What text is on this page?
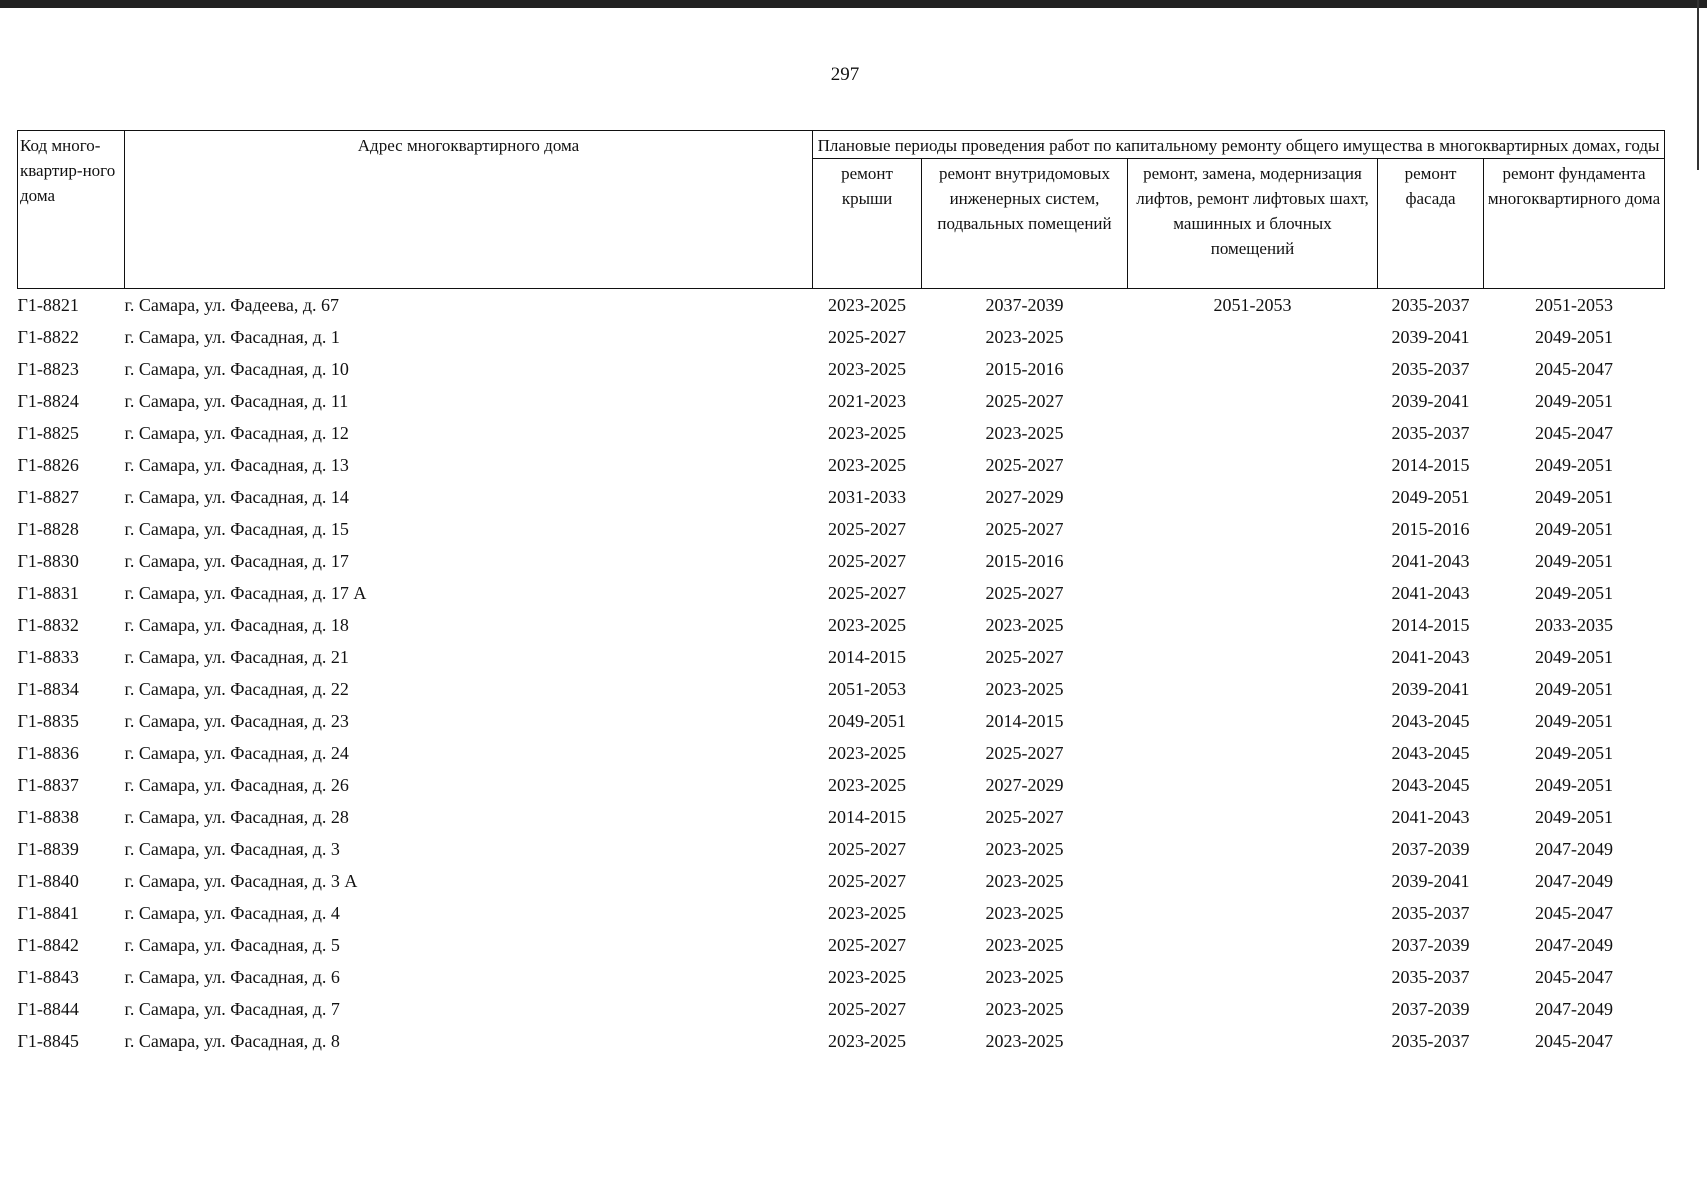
297
Код много-квартир-ного дома	Адрес многоквартирного дома	Плановые периоды проведения работ по капитальному ремонту общего имущества в многоквартирных домах, годы				
		ремонт крыши	ремонт внутридомовых инженерных систем, подвальных помещений	ремонт, замена, модернизация лифтов, ремонт лифтовых шахт, машинных и блочных помещений	ремонт фасада	ремонт фундамента многоквартирного дома
Г1-8821	г. Самара, ул. Фадеева, д. 67	2023-2025	2037-2039	2051-2053	2035-2037	2051-2053
Г1-8822	г. Самара, ул. Фасадная, д. 1	2025-2027	2023-2025		2039-2041	2049-2051
Г1-8823	г. Самара, ул. Фасадная, д. 10	2023-2025	2015-2016		2035-2037	2045-2047
Г1-8824	г. Самара, ул. Фасадная, д. 11	2021-2023	2025-2027		2039-2041	2049-2051
Г1-8825	г. Самара, ул. Фасадная, д. 12	2023-2025	2023-2025		2035-2037	2045-2047
Г1-8826	г. Самара, ул. Фасадная, д. 13	2023-2025	2025-2027		2014-2015	2049-2051
Г1-8827	г. Самара, ул. Фасадная, д. 14	2031-2033	2027-2029		2049-2051	2049-2051
Г1-8828	г. Самара, ул. Фасадная, д. 15	2025-2027	2025-2027		2015-2016	2049-2051
Г1-8830	г. Самара, ул. Фасадная, д. 17	2025-2027	2015-2016		2041-2043	2049-2051
Г1-8831	г. Самара, ул. Фасадная, д. 17 А	2025-2027	2025-2027		2041-2043	2049-2051
Г1-8832	г. Самара, ул. Фасадная, д. 18	2023-2025	2023-2025		2014-2015	2033-2035
Г1-8833	г. Самара, ул. Фасадная, д. 21	2014-2015	2025-2027		2041-2043	2049-2051
Г1-8834	г. Самара, ул. Фасадная, д. 22	2051-2053	2023-2025		2039-2041	2049-2051
Г1-8835	г. Самара, ул. Фасадная, д. 23	2049-2051	2014-2015		2043-2045	2049-2051
Г1-8836	г. Самара, ул. Фасадная, д. 24	2023-2025	2025-2027		2043-2045	2049-2051
Г1-8837	г. Самара, ул. Фасадная, д. 26	2023-2025	2027-2029		2043-2045	2049-2051
Г1-8838	г. Самара, ул. Фасадная, д. 28	2014-2015	2025-2027		2041-2043	2049-2051
Г1-8839	г. Самара, ул. Фасадная, д. 3	2025-2027	2023-2025		2037-2039	2047-2049
Г1-8840	г. Самара, ул. Фасадная, д. 3 А	2025-2027	2023-2025		2039-2041	2047-2049
Г1-8841	г. Самара, ул. Фасадная, д. 4	2023-2025	2023-2025		2035-2037	2045-2047
Г1-8842	г. Самара, ул. Фасадная, д. 5	2025-2027	2023-2025		2037-2039	2047-2049
Г1-8843	г. Самара, ул. Фасадная, д. 6	2023-2025	2023-2025		2035-2037	2045-2047
Г1-8844	г. Самара, ул. Фасадная, д. 7	2025-2027	2023-2025		2037-2039	2047-2049
Г1-8845	г. Самара, ул. Фасадная, д. 8	2023-2025	2023-2025		2035-2037	2045-2047
